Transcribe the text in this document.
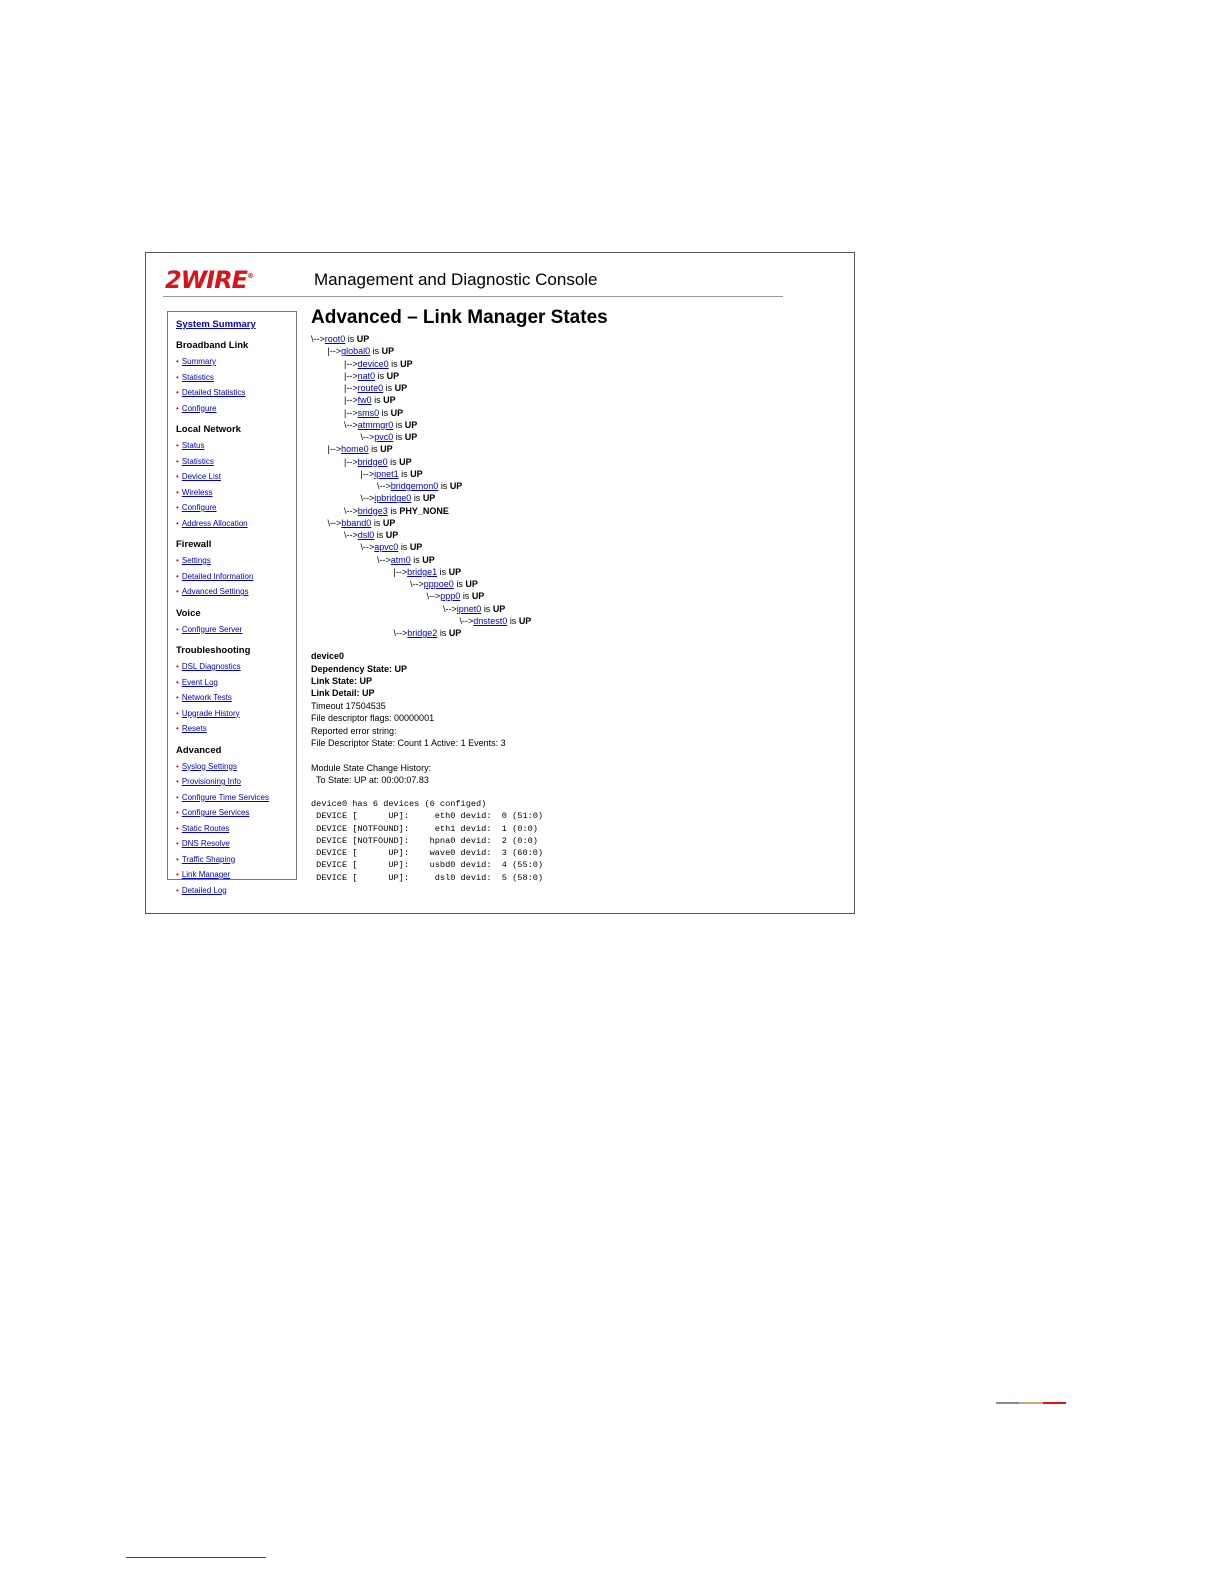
2WIRE®	Management and Diagnostic Console
System Summary
Broadband Link
• Summary
• Statistics
• Detailed Statistics
• Configure
Local Network
• Status
• Statistics
• Device List
• Wireless
• Configure
• Address Allocation
Firewall
• Settings
• Detailed Information
• Advanced Settings
Voice
• Configure Server
Troubleshooting
• DSL Diagnostics
• Event Log
• Network Tests
• Upgrade History
• Resets
Advanced
• Syslog Settings
• Provisioning Info
• Configure Time Services
• Configure Services
• Static Routes
• DNS Resolve
• Traffic Shaping
• Link Manager
• Detailed Log
Advanced – Link Manager States
\-->root0 is UP
|-->global0 is UP
|-->device0 is UP
|-->nat0 is UP
|-->route0 is UP
|-->fw0 is UP
|-->sms0 is UP
\-->atmmgr0 is UP
\-->pvc0 is UP
|-->home0 is UP
|-->bridge0 is UP
|-->ipnet1 is UP
\-->bridgemon0 is UP
\-->ipbridge0 is UP
\-->bridge3 is PHY_NONE
\-->bband0 is UP
\-->dsl0 is UP
\-->apvc0 is UP
\-->atm0 is UP
|-->bridge1 is UP
\-->pppoe0 is UP
\-->ppp0 is UP
\-->ipnet0 is UP
\-->dnstest0 is UP
\-->bridge2 is UP
device0
Dependency State: UP
Link State: UP
Link Detail: UP
Timeout 17504535
File descriptor flags: 00000001
Reported error string:
File Descriptor State: Count 1 Active: 1 Events: 3
Module State Change History:
To State: UP at: 00:00:07.83
device0 has 6 devices (6 configed)
DEVICE [      UP]:     eth0 devid:  0 (51:0)
DEVICE [NOTFOUND]:     eth1 devid:  1 (0:0)
DEVICE [NOTFOUND]:    hpna0 devid:  2 (0:0)
DEVICE [      UP]:    wave0 devid:  3 (60:0)
DEVICE [      UP]:    usbd0 devid:  4 (55:0)
DEVICE [      UP]:     dsl0 devid:  5 (58:0)
